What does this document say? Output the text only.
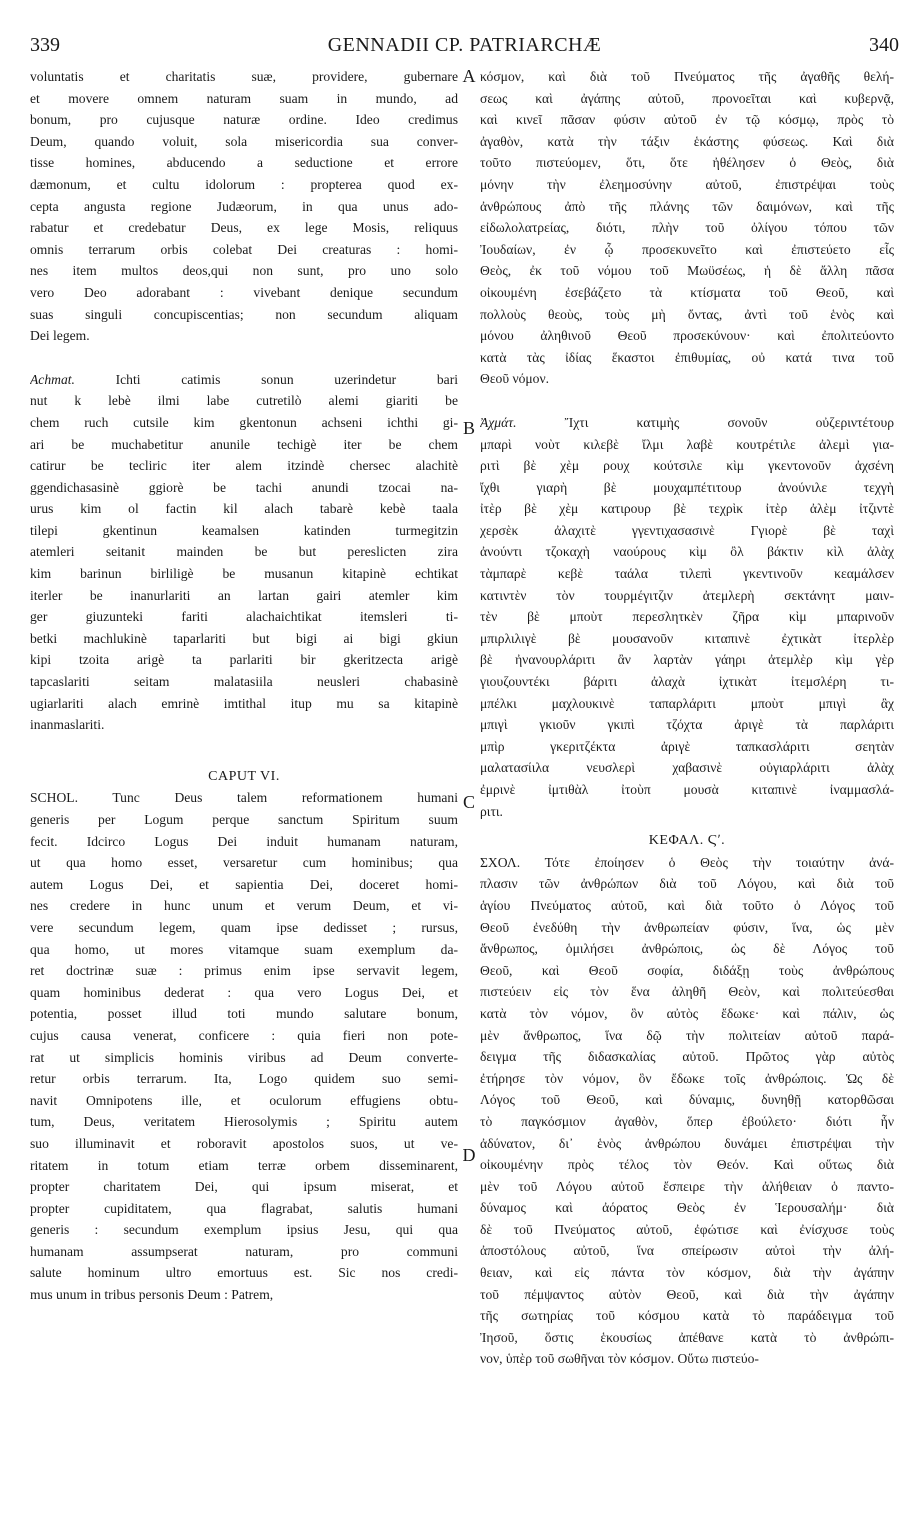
339	GENNADII CP. PATRIARCHÆ	340
A
B
C
D
voluntatis et charitatis suæ, providere, gubernare
et movere omnem naturam suam in mundo, ad
bonum, pro cujusque naturæ ordine. Ideo credimus
Deum, quando voluit, sola misericordia sua conver-
tisse homines, abducendo a seductione et errore
dæmonum, et cultu idolorum : propterea quod ex-
cepta angusta regione Judæorum, in qua unus ado-
rabatur et credebatur Deus, ex lege Mosis, reliquus
omnis terrarum orbis colebat Dei creaturas : homi-
nes item multos deos,qui non sunt, pro uno solo
vero Deo adorabant : vivebant denique secundum
suas singuli concupiscentias; non secundum aliquam
Dei legem.
Achmat.	Ichti catimis sonun uzerindetur bari
nut k lebè ilmi labe cutretilò alemi giariti be
chem ruch cutsile kim gkentonun achseni ichthi gi-
ari be muchabetitur anunile techigè iter be chem
catirur be tecliric iter alem itzindè chersec alachitè
ggendichasasinè ggiorè be tachi anundi tzocai na-
urus kim ol factin kil alach tabarè kebè taala
tilepi gkentinun keamalsen katinden turmegitzin
atemleri seitanit mainden be but pereslicten zira
kim barinun birliligè be musanun kitapinè echtikat
iterler be inanurlariti an lartan gairi atemler kim
ger giuzunteki fariti alachaichtikat itemsleri ti-
betki machlukinè taparlariti but bigi ai bigi gkiun
kipi tzoita arigè ta parlariti bir gkeritzecta arigè
tapcaslariti seitam malatasiila neusleri chabasinè
ugiarlariti alach emrinè imtithal itup mu sa kitapinè
inanmaslariti.
CAPUT VI.
SCHOL.	Tunc Deus talem reformationem humani
generis per Logum perque sanctum Spiritum suum
fecit. Idcirco Logus Dei induit humanam naturam,
ut qua homo esset, versaretur cum hominibus; qua
autem Logus Dei, et sapientia Dei, doceret homi-
nes credere in hunc unum et verum Deum, et vi-
vere secundum legem, quam ipse dedisset ; rursus,
qua homo, ut mores vitamque suam exemplum da-
ret doctrinæ suæ : primus enim ipse servavit legem,
quam hominibus dederat : qua vero Logus Dei, et
potentia, posset illud toti mundo salutare bonum,
cujus causa venerat, conficere : quia fieri non pote-
rat ut simplicis hominis viribus ad Deum converte-
retur orbis terrarum. Ita, Logo quidem suo semi-
navit Omnipotens ille, et oculorum effugiens obtu-
tum, Deus, veritatem Hierosolymis ; Spiritu autem
suo illuminavit et roboravit apostolos suos, ut ve-
ritatem in totum etiam terræ orbem disseminarent,
propter charitatem Dei, qui ipsum miserat, et
propter cupiditatem, qua flagrabat, salutis humani
generis : secundum exemplum ipsius Jesu, qui qua
humanam assumpserat naturam, pro communi
salute hominum ultro emortuus est. Sic nos credi-
mus unum in tribus personis Deum : Patrem,
κόσμον, καὶ διὰ τοῦ Πνεύματος τῆς ἀγαθῆς θελή-
σεως καὶ ἀγάπης αὐτοῦ, προνοεῖται καὶ κυβερνᾷ,
καὶ κινεῖ πᾶσαν φύσιν αὐτοῦ ἐν τῷ κόσμῳ, πρὸς τὸ
ἀγαθὸν, κατὰ τὴν τάξιν ἑκάστης φύσεως. Καὶ διὰ
τοῦτο πιστεύομεν, ὅτι, ὅτε ἠθέλησεν ὁ Θεὸς, διὰ
μόνην τὴν ἐλεημοσύνην αὐτοῦ, ἐπιστρέψαι τοὺς
ἀνθρώπους ἀπὸ τῆς πλάνης τῶν δαιμόνων, καὶ τῆς
εἰδωλολατρείας, διότι, πλὴν τοῦ ὀλίγου τόπου τῶν
Ἰουδαίων, ἐν ᾧ προσεκυνεῖτο καὶ ἐπιστεύετο εἷς
Θεὸς, ἐκ τοῦ νόμου τοῦ Μωϋσέως, ἡ δὲ ἄλλη πᾶσα
οἰκουμένη ἐσεβάζετο τὰ κτίσματα τοῦ Θεοῦ, καὶ
πολλοὺς θεοὺς, τοὺς μὴ ὄντας, ἀντὶ τοῦ ἑνὸς καὶ
μόνου ἀληθινοῦ Θεοῦ προσεκύνουν· καὶ ἐπολιτεύοντο
κατὰ τὰς ἰδίας ἕκαστοι ἐπιθυμίας, οὐ κατά τινα τοῦ
Θεοῦ νόμον.
Ἀχμάτ.	Ἴχτι κατιμὴς σονοῦν οὐζεριντέτουρ
μπαρὶ νοὺτ κιλεβὲ ἴλμι λαβὲ κουτρέτιλε ἀλεμὶ για-
ριτὶ βὲ χὲμ ρουχ κούτσιλε κὶμ γκεντονοῦν ἀχσένη
ἴχθι γιαρὴ βὲ μουχαμπέτιτουρ ἀνούνιλε τεχγὴ
ἰτὲρ βὲ χὲμ κατιρουρ βὲ τεχρὶκ ἰτὲρ ἀλὲμ ἰτζιντὲ
χερσὲκ ἀλαχιτὲ γγεντιχασασινὲ Γγιορὲ βὲ ταχὶ
ἀνούντι τζοκαχὴ ναούρους κὶμ ὂλ βάκτιν κὶλ ἀλὰχ
τὰμπαρὲ κεβὲ ταάλα τιλεπὶ γκεντινοῦν κεαμάλσεν
κατιντὲν τὸν τουρμέγιτζιν ἀτεμλερὴ σεκτάνητ μαιν-
τὲν βὲ μποὺτ περεσλητκὲν ζῆρα κὶμ μπαρινοῦν
μπιρλιλιγὲ βὲ μουσανοῦν κιταπινὲ ἐχτικὰτ ἰτερλὲρ
βὲ ἠνανουρλάριτι ἂν λαρτὰν γάηρι ἀτεμλὲρ κὶμ γὲρ
γιουζουντέκι βάριτι ἀλαχὰ ἰχτικὰτ ἰτεμσλέρη τι-
μπέλκι μαχλουκινὲ ταπαρλάριτι μποὺτ μπιγὶ ἂχ
μπιγὶ γκιοῦν γκιπὶ τζόχτα ἀριγὲ τὰ παρλάριτι
μπὶρ γκεριτζέκτα ἀριγὲ ταπκασλάριτι σεητὰν
μαλατασίιλα νευσλερὶ χαβασινὲ οὐγιαρλάριτι ἀλὰχ
ἐμρινὲ ἰμτιθὰλ ἰτοὺπ μουσὰ κιταπινὲ ἰναμμασλά-
ριτι.
ΚΕΦΑΛ. Ϛʹ.
ΣΧΟΛ. Τότε ἐποίησεν ὁ Θεὸς τὴν τοιαύτην ἀνά-
πλασιν τῶν ἀνθρώπων διὰ τοῦ Λόγου, καὶ διὰ τοῦ
ἁγίου Πνεύματος αὐτοῦ, καὶ διὰ τοῦτο ὁ Λόγος τοῦ
Θεοῦ ἐνεδύθη τὴν ἀνθρωπείαν φύσιν, ἵνα, ὡς μὲν
ἄνθρωπος, ὁμιλήσει ἀνθρώποις, ὡς δὲ Λόγος τοῦ
Θεοῦ, καὶ Θεοῦ σοφία, διδάξῃ τοὺς ἀνθρώπους
πιστεύειν εἰς τὸν ἕνα ἀληθῆ Θεὸν, καὶ πολιτεύεσθαι
κατὰ τὸν νόμον, ὃν αὐτὸς ἔδωκε· καὶ πάλιν, ὡς
μὲν ἄνθρωπος, ἵνα δῷ τὴν πολιτείαν αὐτοῦ παρά-
δειγμα τῆς διδασκαλίας αὐτοῦ. Πρῶτος γὰρ αὐτὸς
ἐτήρησε τὸν νόμον, ὃν ἔδωκε τοῖς ἀνθρώποις. Ὡς δὲ
Λόγος τοῦ Θεοῦ, καὶ δύναμις, δυνηθῇ κατορθῶσαι
τὸ παγκόσμιον ἀγαθὸν, ὅπερ ἐβούλετο· διότι ἦν
ἀδύνατον, δι᾽ ἑνὸς ἀνθρώπου δυνάμει ἐπιστρέψαι τὴν
οἰκουμένην πρὸς τέλος τὸν Θεόν. Καὶ οὕτως διὰ
μὲν τοῦ Λόγου αὐτοῦ ἔσπειρε τὴν ἀλήθειαν ὁ παντο-
δύναμος καὶ ἀόρατος Θεὸς ἐν Ἱερουσαλήμ· διὰ
δὲ τοῦ Πνεύματος αὐτοῦ, ἐφώτισε καὶ ἐνίσχυσε τοὺς
ἀποστόλους αὐτοῦ, ἵνα σπείρωσιν αὐτοὶ τὴν ἀλή-
θειαν, καὶ εἰς πάντα τὸν κόσμον, διὰ τὴν ἀγάπην
τοῦ πέμψαντος αὐτὸν Θεοῦ, καὶ διὰ τὴν ἀγάπην
τῆς σωτηρίας τοῦ κόσμου κατὰ τὸ παράδειγμα τοῦ
Ἰησοῦ, ὅστις ἑκουσίως ἀπέθανε κατὰ τὸ ἀνθρώπι-
νον, ὑπὲρ τοῦ σωθῆναι τὸν κόσμον. Οὕτω πιστεύο-
